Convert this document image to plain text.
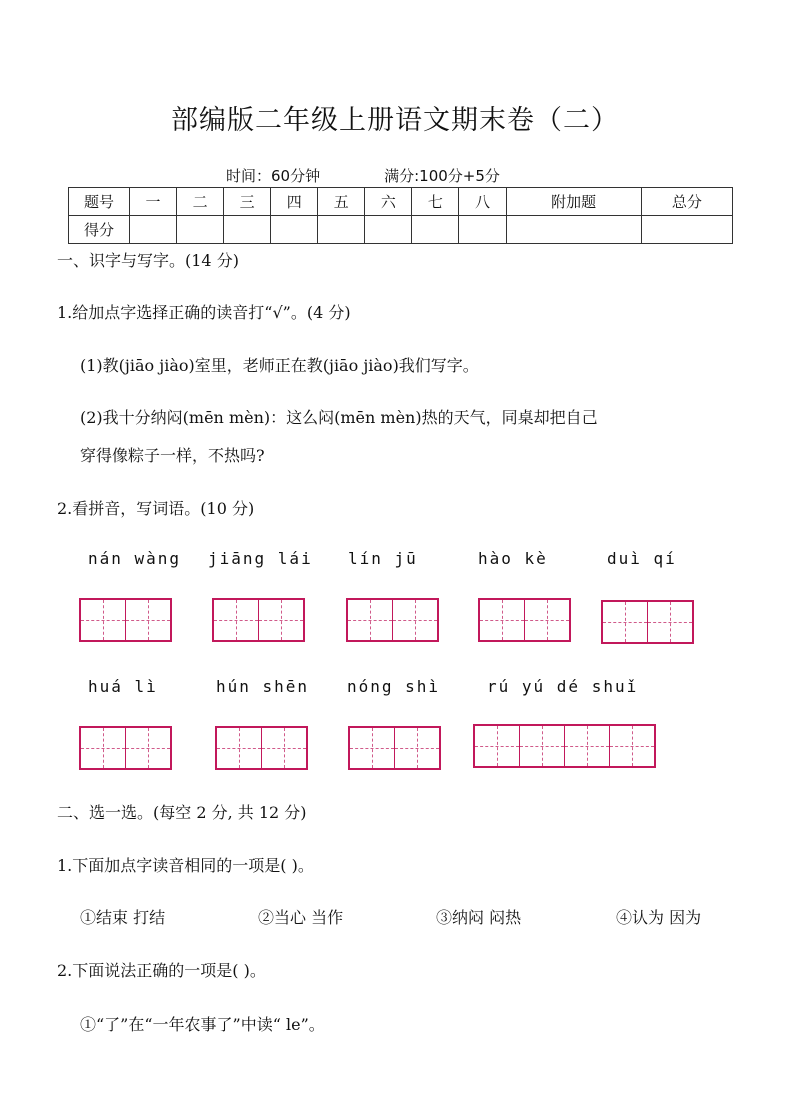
部编版二年级上册语文期末卷（二）
时间：60分钟	满分:100分+5分
题号	一	二	三	四	五	六	七	八	附加题	总分
得分										
一、识字与写字。(14 分)
1.给加点字选择正确的读音打“√”。(4 分)
(1)教(jiāo jiào)室里，老师正在教(jiāo jiào)我们写字。
(2)我十分纳闷(mēn mèn)：这么闷(mēn mèn)热的天气，同桌却把自己
穿得像粽子一样，不热吗?
2.看拼音，写词语。(10 分)
nán wàng jiāng lái lín jū	hào kè	duì qí
huá lì	hún shēn nóng shì	rú yú dé shuǐ
二、选一选。(每空 2 分, 共 12 分)
1.下面加点字读音相同的一项是( )。
①结束 打结	②当心 当作	③纳闷 闷热	④认为 因为
2.下面说法正确的一项是( )。
①“了”在“一年农事了”中读“ le”。
